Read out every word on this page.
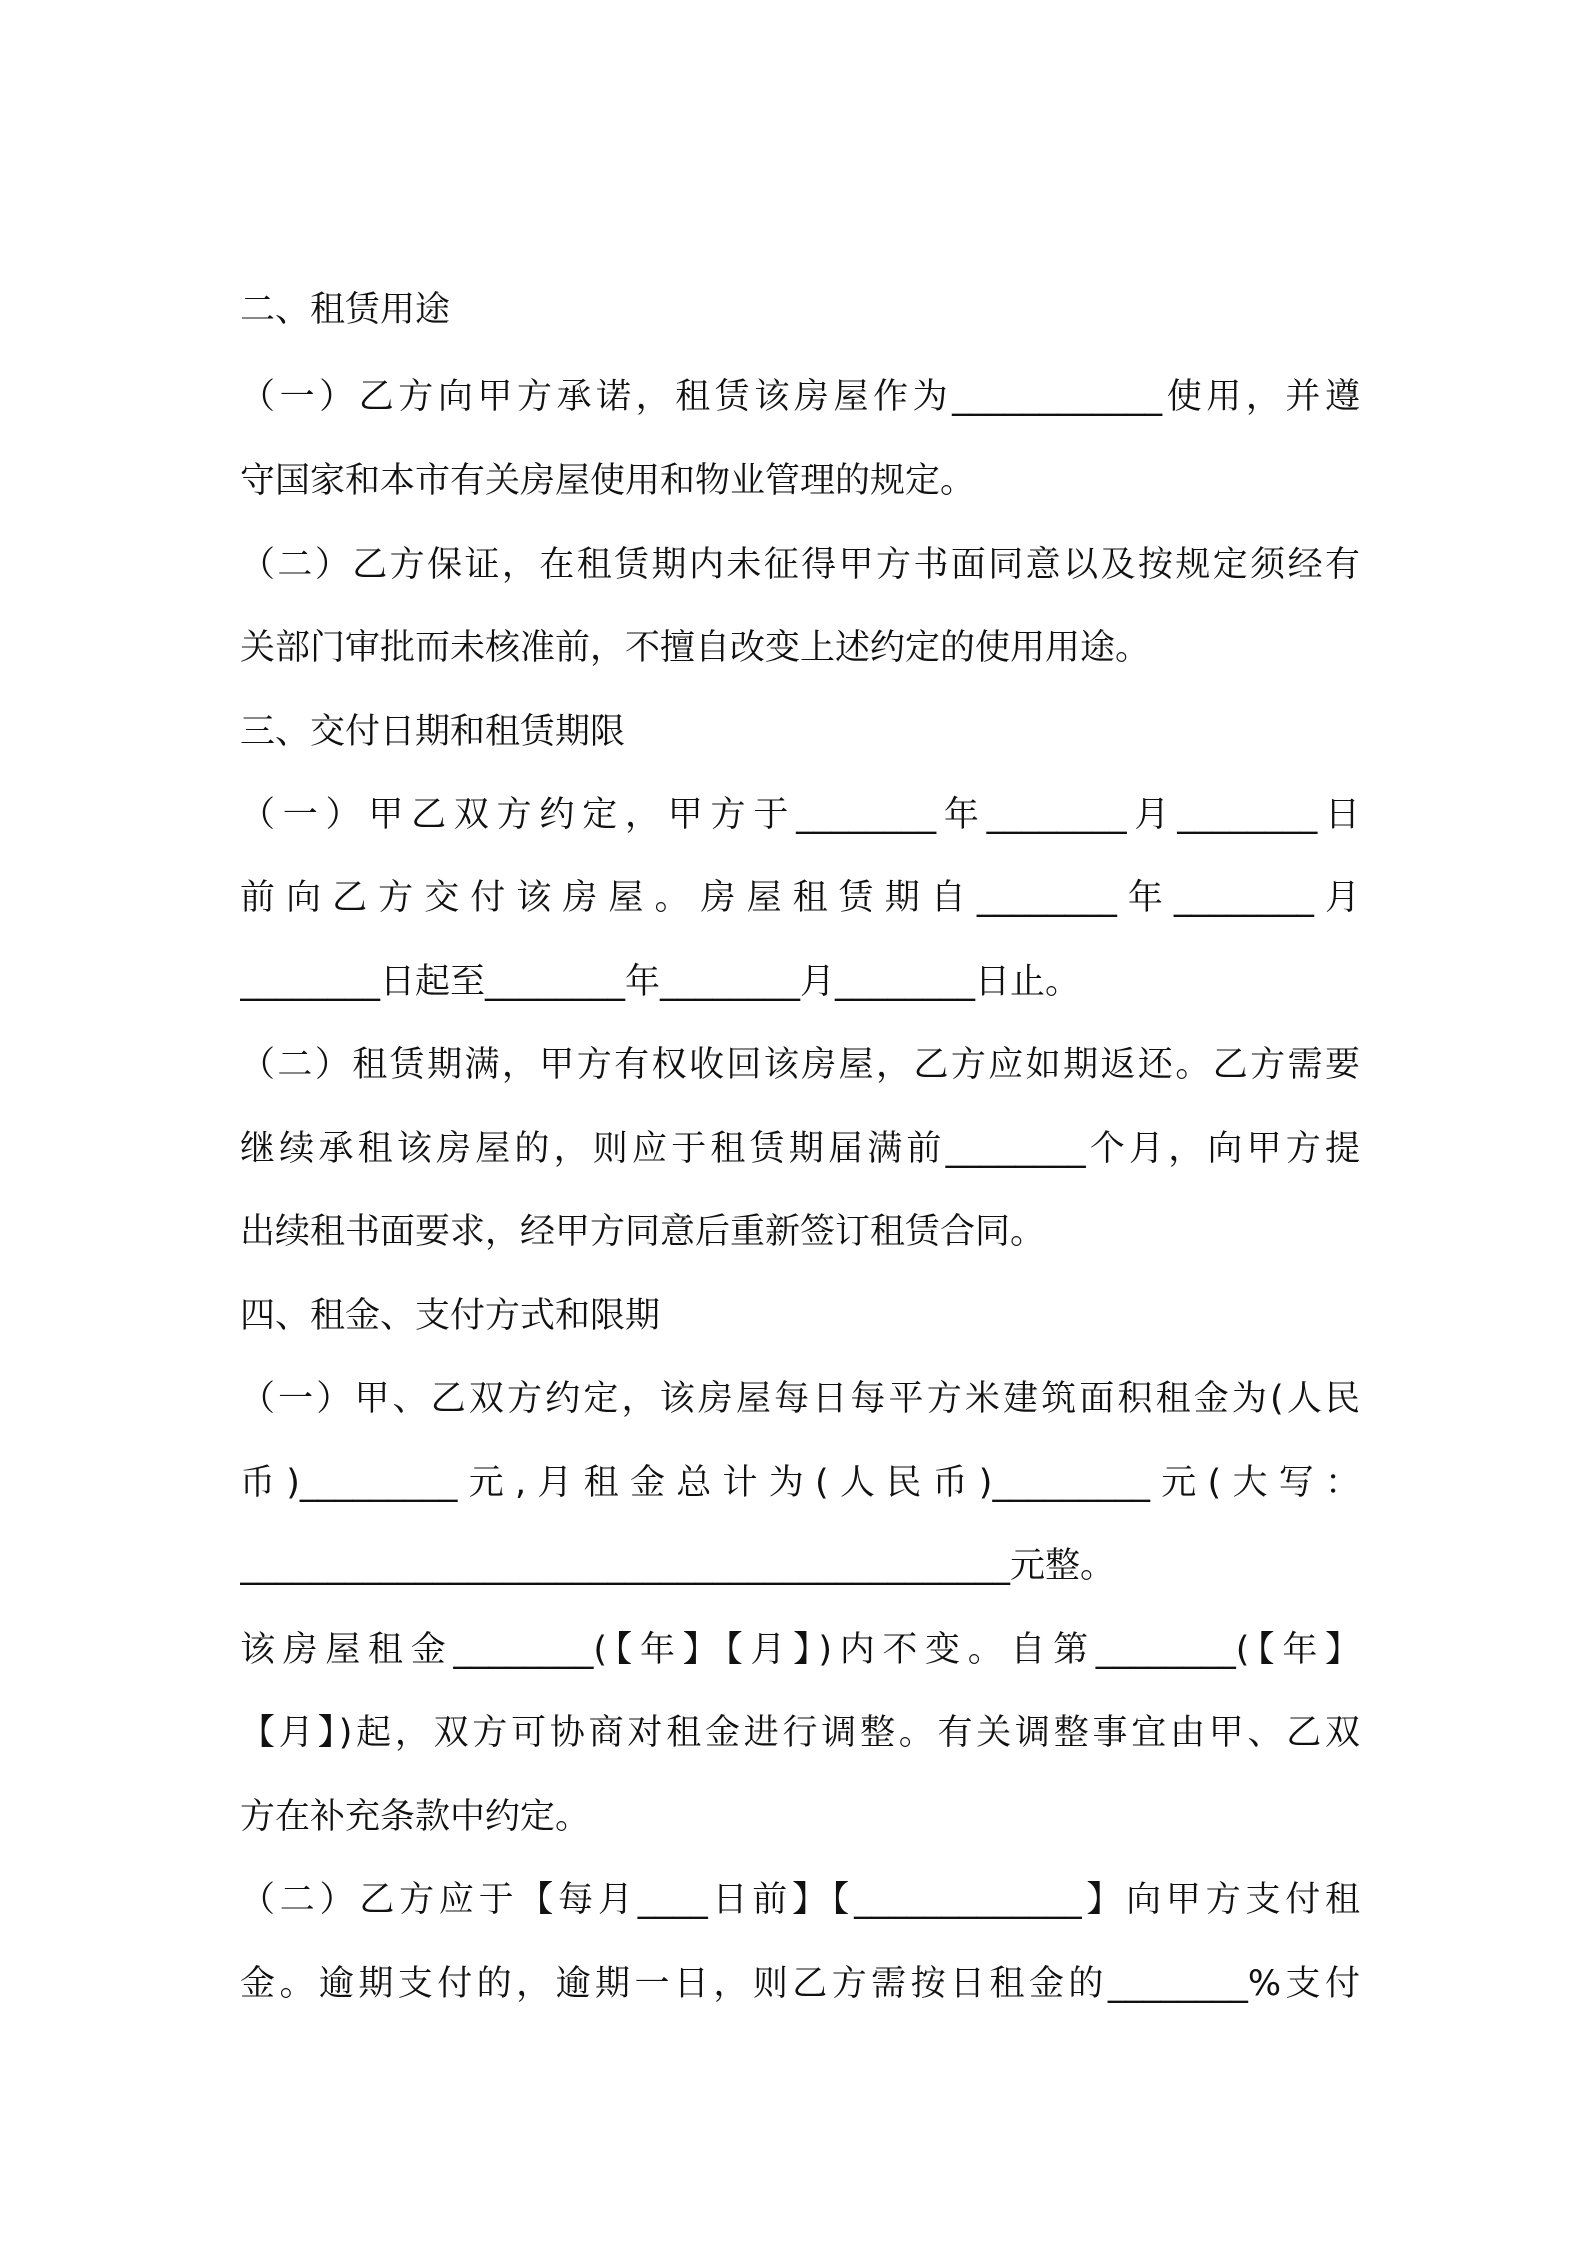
二、租赁用途
（一）乙方向甲方承诺，租赁该房屋作为____________使用，并遵
守国家和本市有关房屋使用和物业管理的规定。
（二）乙方保证，在租赁期内未征得甲方书面同意以及按规定须经有
关部门审批而未核准前，不擅自改变上述约定的使用用途。
三、交付日期和租赁期限
（一）甲乙双方约定，甲方于________年________月________日
前向乙方交付该房屋。房屋租赁期自________年________月
________日起至________年________月________日止。
（二）租赁期满，甲方有权收回该房屋，乙方应如期返还。乙方需要
继续承租该房屋的，则应于租赁期届满前________个月，向甲方提
出续租书面要求，经甲方同意后重新签订租赁合同。
四、租金、支付方式和限期
（一）甲、乙双方约定，该房屋每日每平方米建筑面积租金为(人民
币)_________元,月租金总计为(人民币)_________元(大写：
____________________________________________元整。
该房屋租金________(【年】【月】)内不变。自第________(【年】
【月】)起，双方可协商对租金进行调整。有关调整事宜由甲、乙双
方在补充条款中约定。
（二）乙方应于【每月____日前】【_____________】向甲方支付租
金。逾期支付的，逾期一日，则乙方需按日租金的________%支付
